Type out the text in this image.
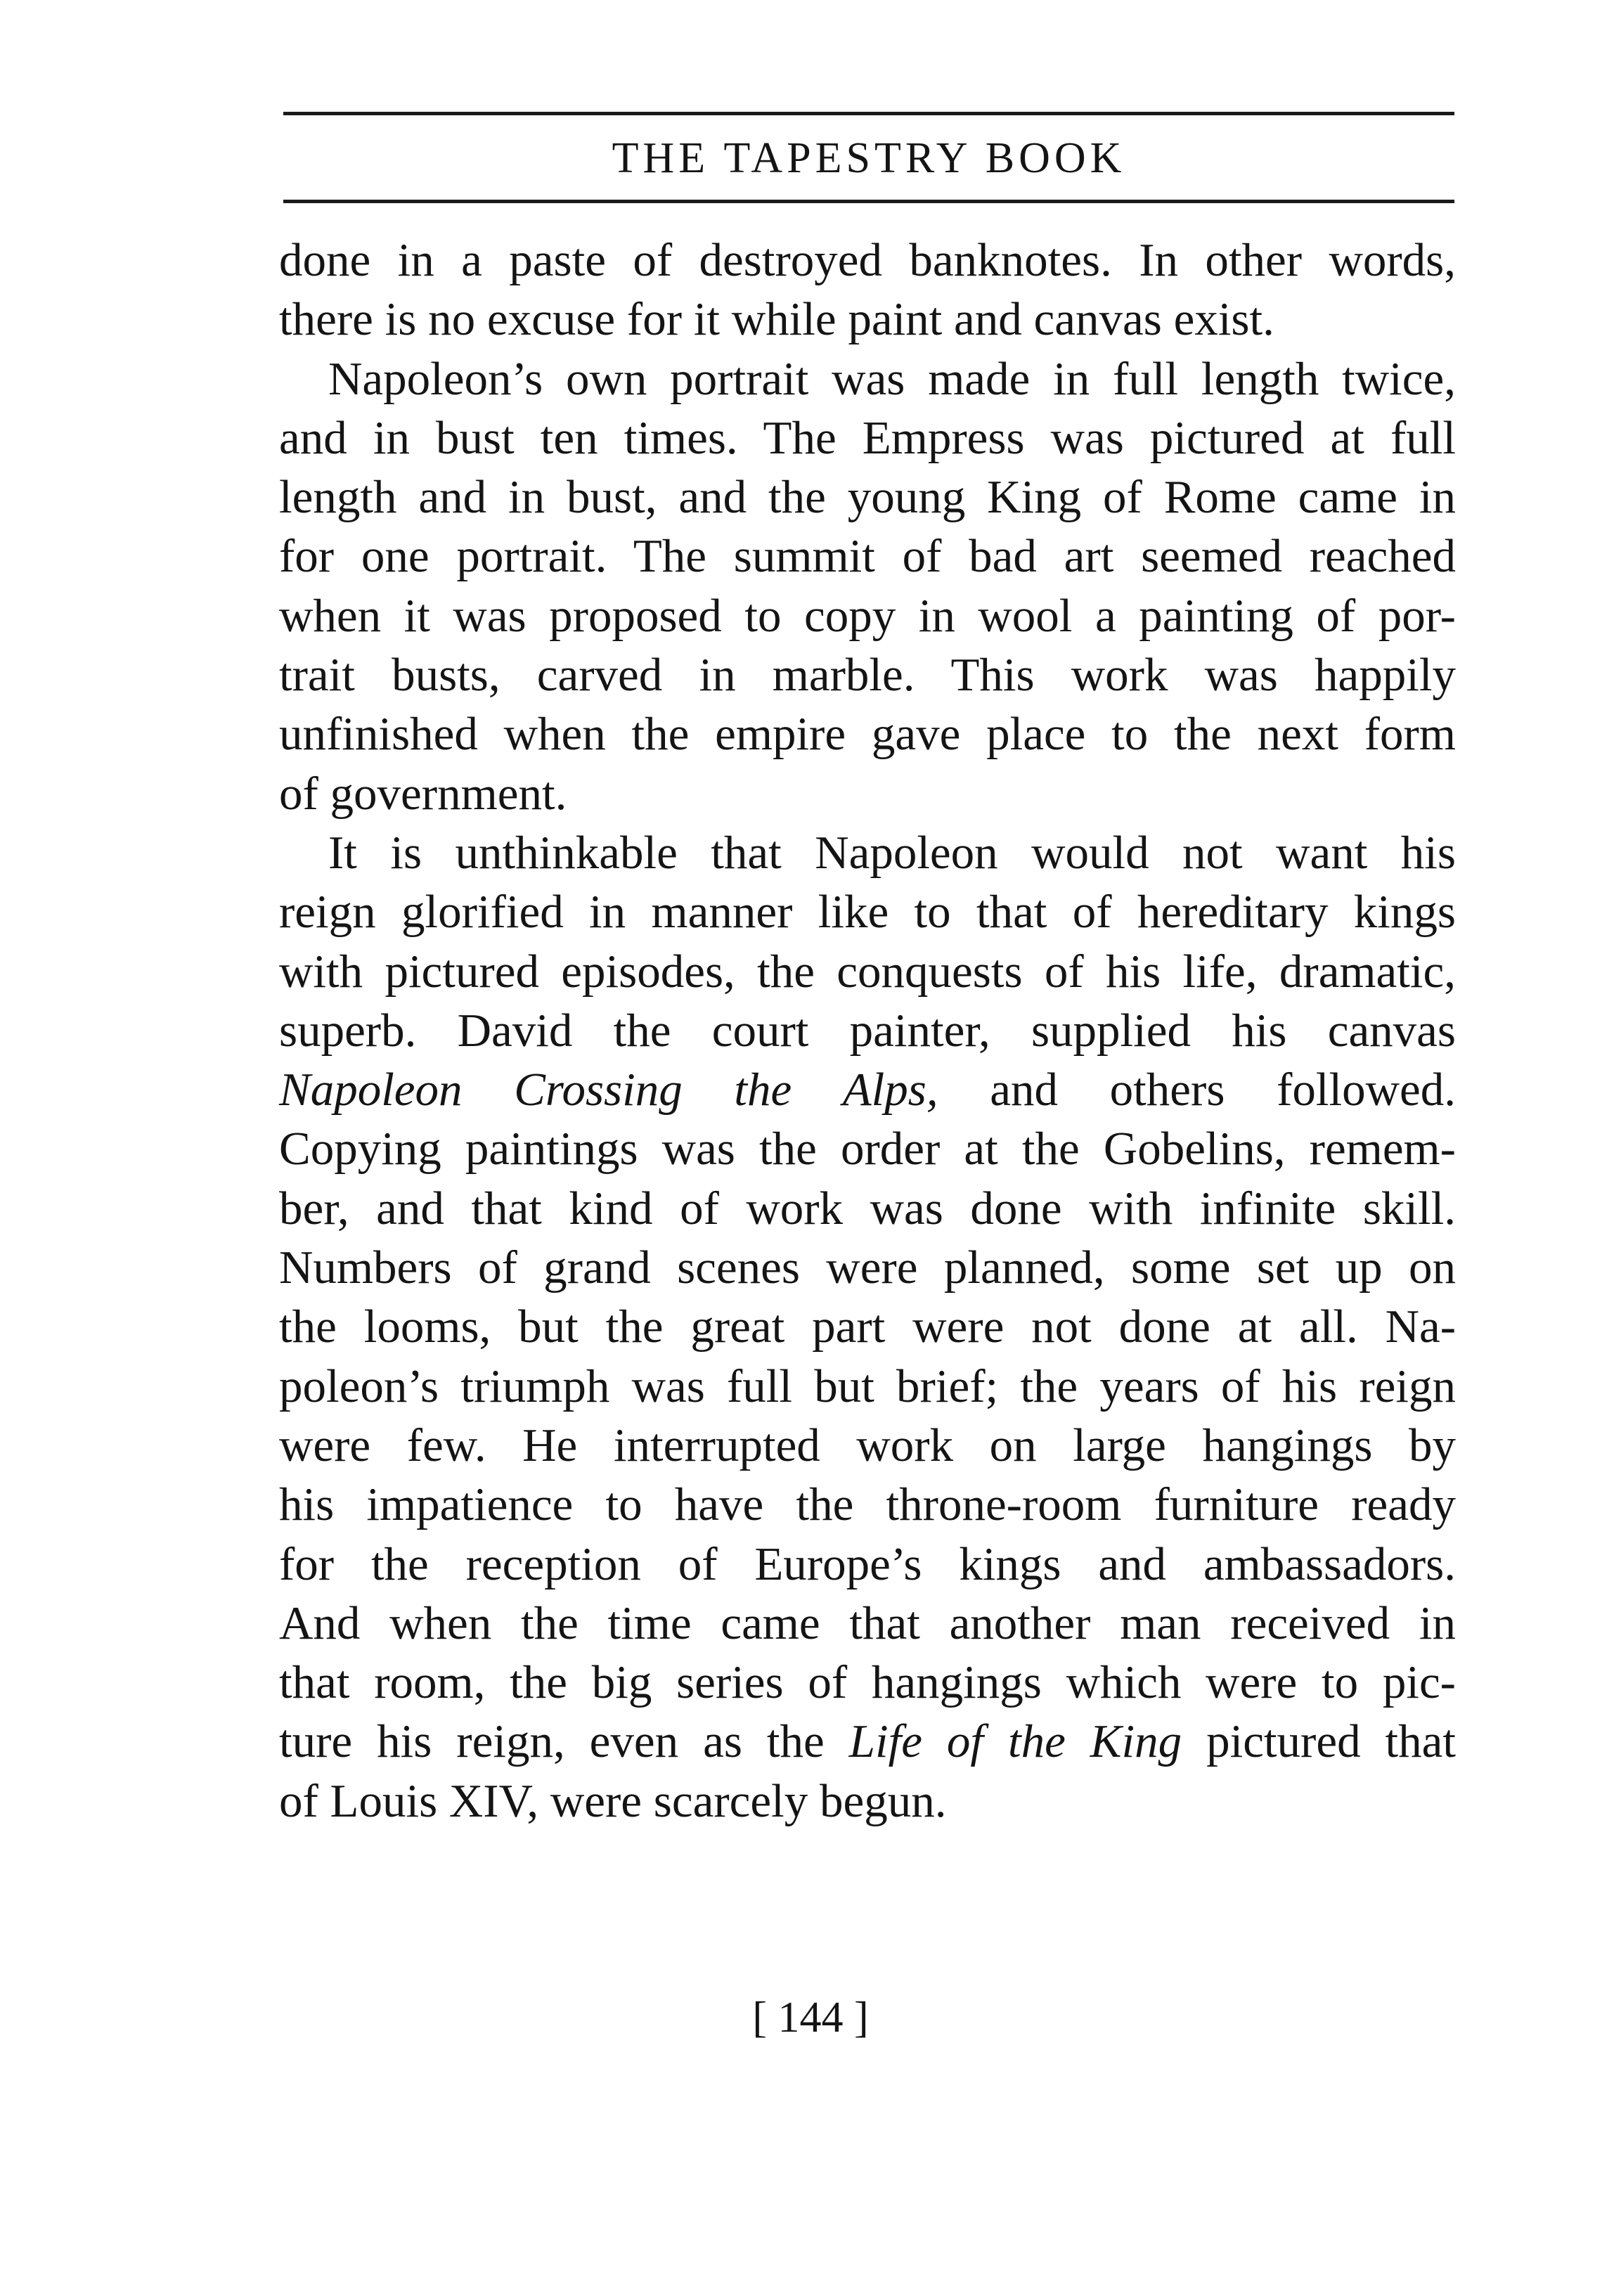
THE TAPESTRY BOOK
done in a paste of destroyed banknotes. In other words,
there is no excuse for it while paint and canvas exist.
Napoleon’s own portrait was made in full length twice,
and in bust ten times. The Empress was pictured at full
length and in bust, and the young King of Rome came in
for one portrait. The summit of bad art seemed reached
when it was proposed to copy in wool a painting of por-
trait busts, carved in marble. This work was happily
unfinished when the empire gave place to the next form
of government.
It is unthinkable that Napoleon would not want his
reign glorified in manner like to that of hereditary kings
with pictured episodes, the conquests of his life, dramatic,
superb. David the court painter, supplied his canvas
Napoleon Crossing the Alps, and others followed.
Copying paintings was the order at the Gobelins, remem-
ber, and that kind of work was done with infinite skill.
Numbers of grand scenes were planned, some set up on
the looms, but the great part were not done at all. Na-
poleon’s triumph was full but brief; the years of his reign
were few. He interrupted work on large hangings by
his impatience to have the throne-room furniture ready
for the reception of Europe’s kings and ambassadors.
And when the time came that another man received in
that room, the big series of hangings which were to pic-
ture his reign, even as the Life of the King pictured that
of Louis XIV, were scarcely begun.
[ 144 ]
